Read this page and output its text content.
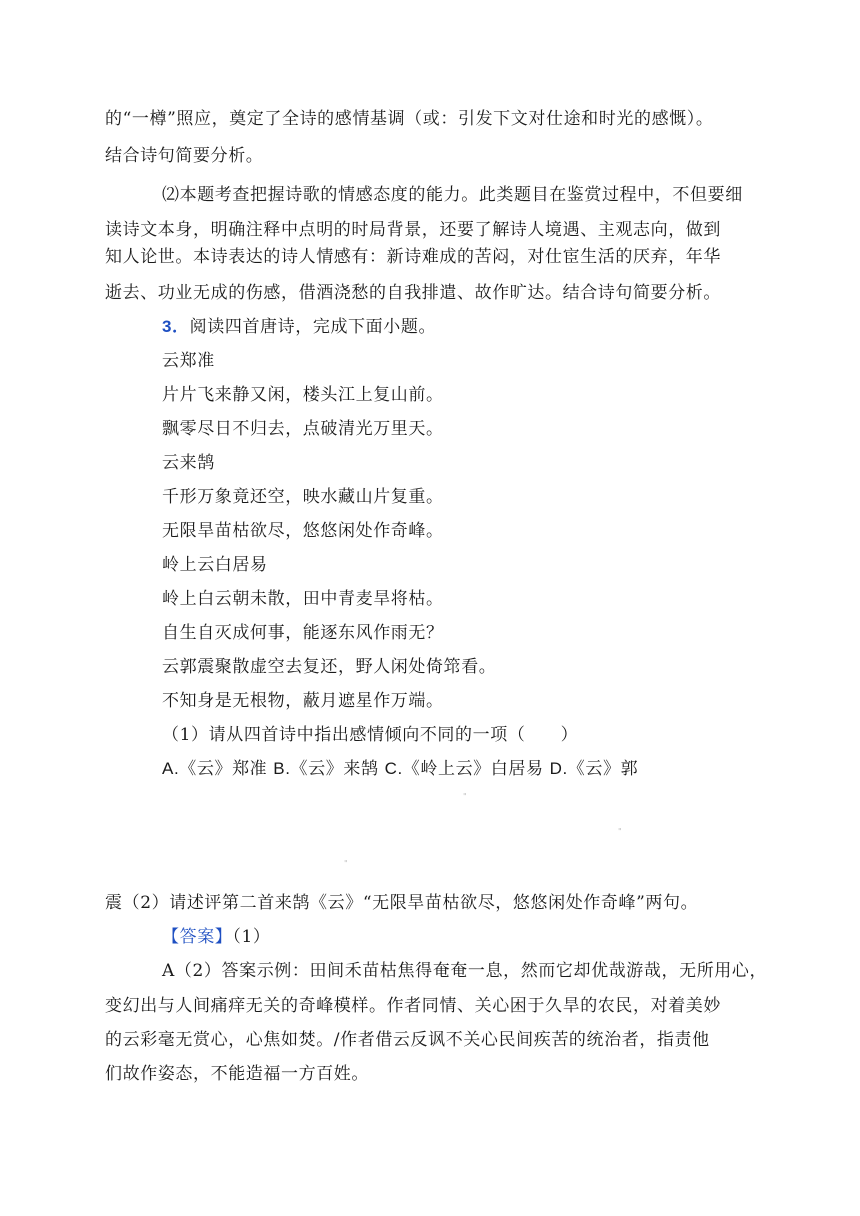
的“一樽”照应，奠定了全诗的感情基调（或：引发下文对仕途和时光的感慨）。
结合诗句简要分析。
⑵本题考查把握诗歌的情感态度的能力。此类题目在鉴赏过程中，不但要细
读诗文本身，明确注释中点明的时局背景，还要了解诗人境遇、主观志向，做到
知人论世。本诗表达的诗人情感有：新诗难成的苦闷，对仕宦生活的厌弃，年华
逝去、功业无成的伤感，借酒浇愁的自我排遣、故作旷达。结合诗句简要分析。
3．阅读四首唐诗，完成下面小题。
云郑准
片片飞来静又闲，楼头江上复山前。
飘零尽日不归去，点破清光万里天。
云来鹄
千形万象竟还空，映水藏山片复重。
无限旱苗枯欲尽，悠悠闲处作奇峰。
岭上云白居易
岭上白云朝未散，田中青麦旱将枯。
自生自灭成何事，能逐东风作雨无？
云郭震聚散虚空去复还，野人闲处倚筇看。
不知身是无根物，蔽月遮星作万端。
（1）请从四首诗中指出感情倾向不同的一项（　　）
A.《云》郑准 B.《云》来鹄 C.《岭上云》白居易 D.《云》郭
"
"
"
震（2）请述评第二首来鹄《云》“无限旱苗枯欲尽，悠悠闲处作奇峰”两句。
【答案】（1）
A（2）答案示例：田间禾苗枯焦得奄奄一息，然而它却优哉游哉，无所用心，
变幻出与人间痛痒无关的奇峰模样。作者同情、关心困于久旱的农民，对着美妙
的云彩毫无赏心，心焦如焚。/作者借云反讽不关心民间疾苦的统治者，指责他
们故作姿态，不能造福一方百姓。
